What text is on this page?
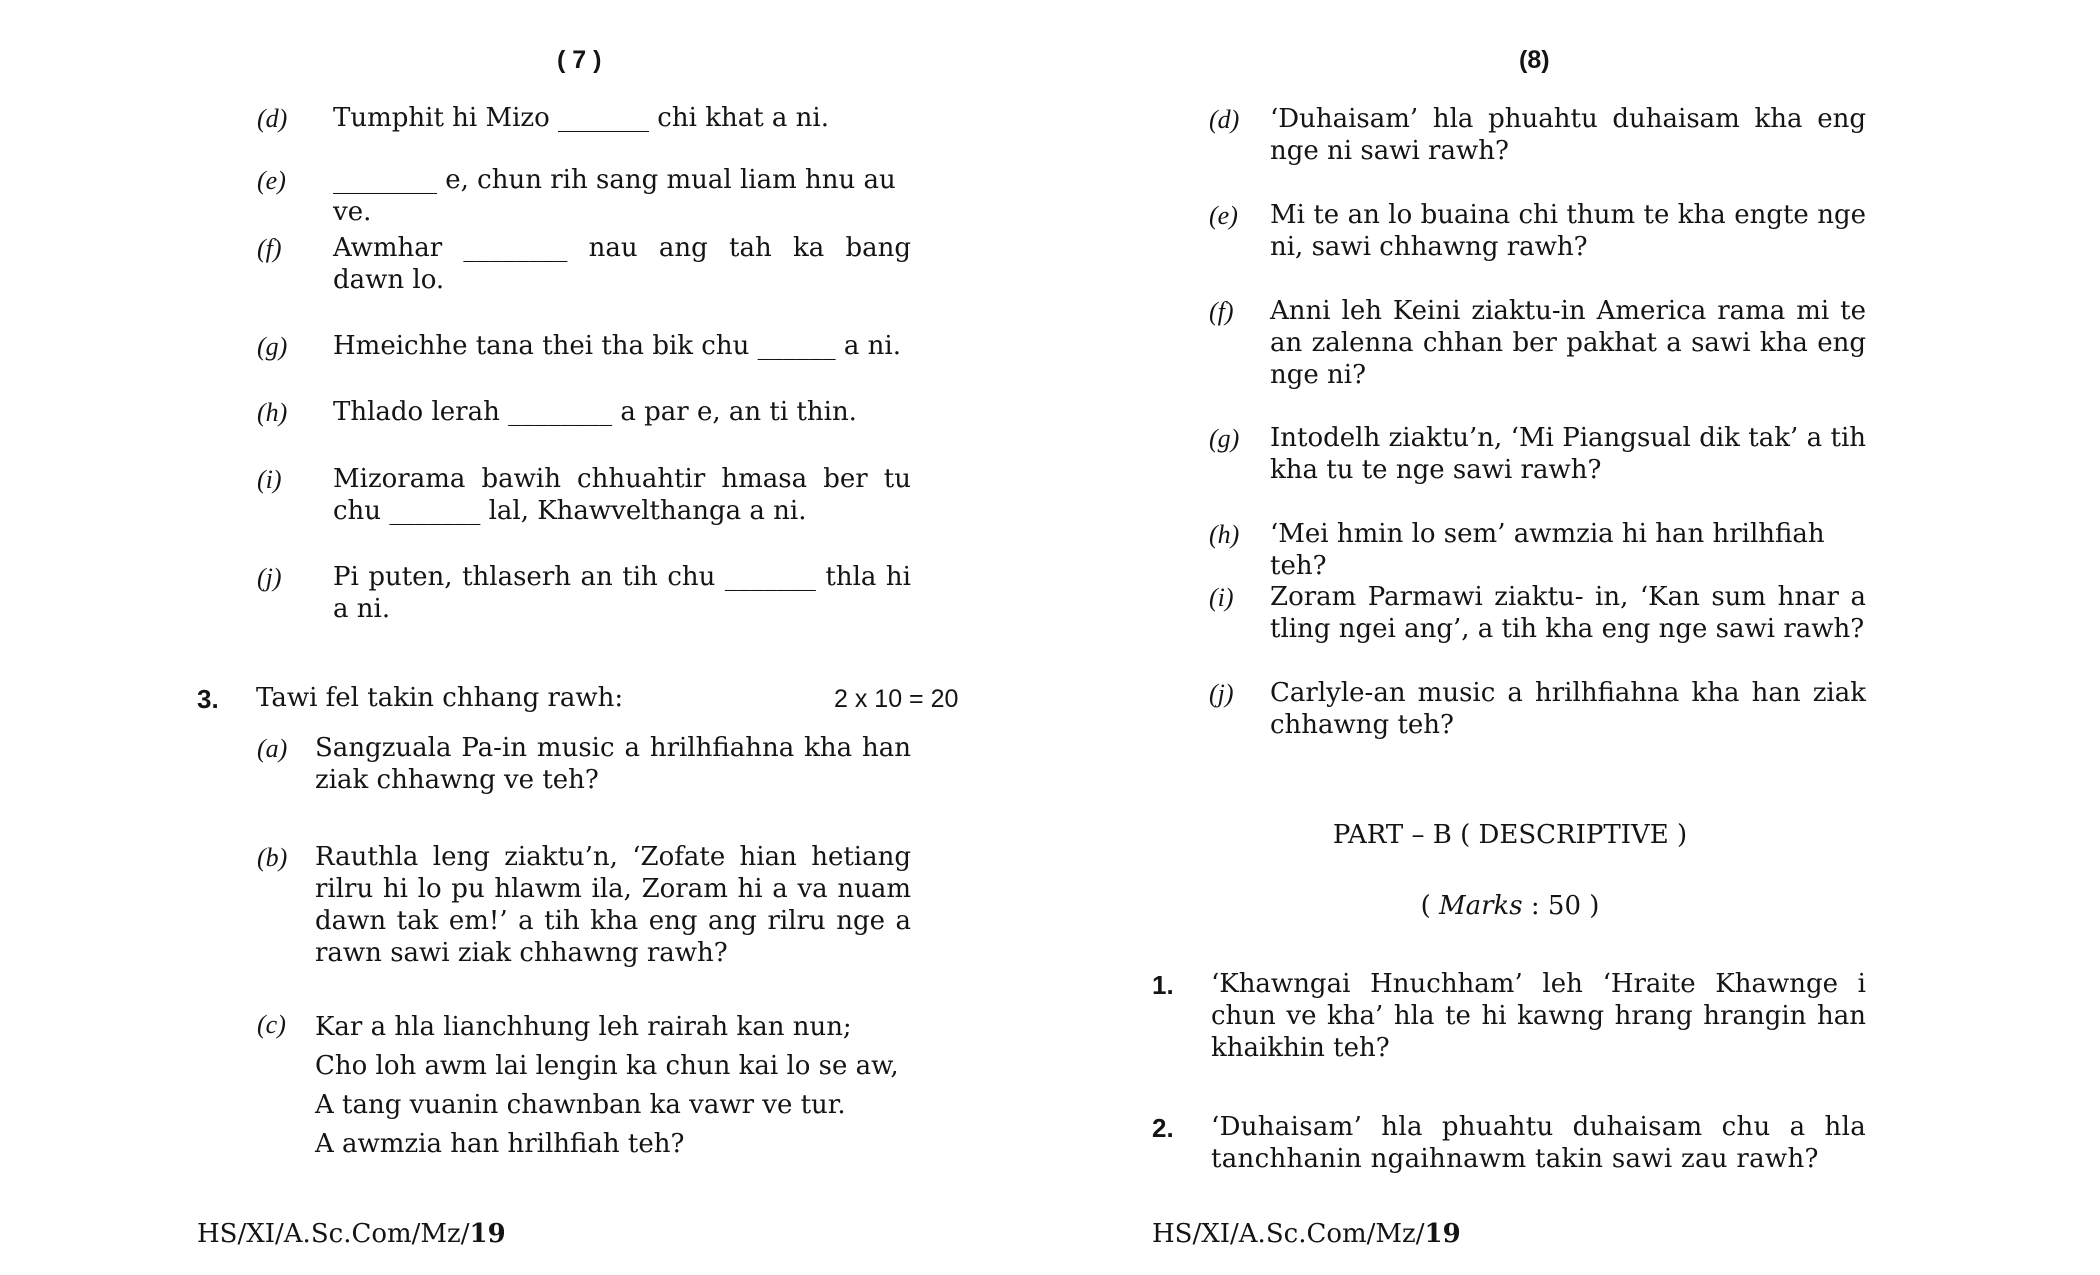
( 7 )
(d) Tumphit hi Mizo _______ chi khat a ni.
(e) ________ e, chun rih sang mual liam hnu au ve.
(f) Awmhar ________ nau ang tah ka bang dawn lo.
(g) Hmeichhe tana thei tha bik chu ______ a ni.
(h) Thlado lerah ________ a par e, an ti thin.
(i) Mizorama bawih chhuahtir hmasa ber tu chu _______ lal, Khawvelthanga a ni.
(j) Pi puten, thlaserh an tih chu _______ thla hi a ni.
3. Tawi fel takin chhang rawh:	2 x 10 = 20
(a) Sangzuala Pa-in music a hrilhfiahna kha han ziak chhawng ve teh?
(b) Rauthla leng ziaktu’n, ‘Zofate hian hetiang rilru hi lo pu hlawm ila, Zoram hi a va nuam dawn tak em!’ a tih kha eng ang rilru nge a rawn sawi ziak chhawng rawh?
(c) Kar a hla lianchhung leh rairah kan nun;
Cho loh awm lai lengin ka chun kai lo se aw,
A tang vuanin chawnban ka vawr ve tur.
A awmzia han hrilhfiah teh?
HS/XI/A.Sc.Com/Mz/19
(8)
(d) ‘Duhaisam’ hla phuahtu duhaisam kha eng nge ni sawi rawh?
(e) Mi te an lo buaina chi thum te kha engte nge ni, sawi chhawng rawh?
(f) Anni leh Keini ziaktu-in America rama mi te an zalenna chhan ber pakhat a sawi kha eng nge ni?
(g) Intodelh ziaktu’n, ‘Mi Piangsual dik tak’ a tih kha tu te nge sawi rawh?
(h) ‘Mei hmin lo sem’ awmzia hi han hrilhfiah teh?
(i) Zoram Parmawi ziaktu- in, ‘Kan sum hnar a tling ngei ang’, a tih kha eng nge sawi rawh?
(j) Carlyle-an music a hrilhfiahna kha han ziak chhawng teh?
PART – B ( DESCRIPTIVE )
( Marks : 50 )
1. ‘Khawngai Hnuchham’ leh ‘Hraite Khawnge i chun ve kha’ hla te hi kawng hrang hrangin han khaikhin teh?
2. ‘Duhaisam’ hla phuahtu duhaisam chu a hla tanchhanin ngaihnawm takin sawi zau rawh?
HS/XI/A.Sc.Com/Mz/19
